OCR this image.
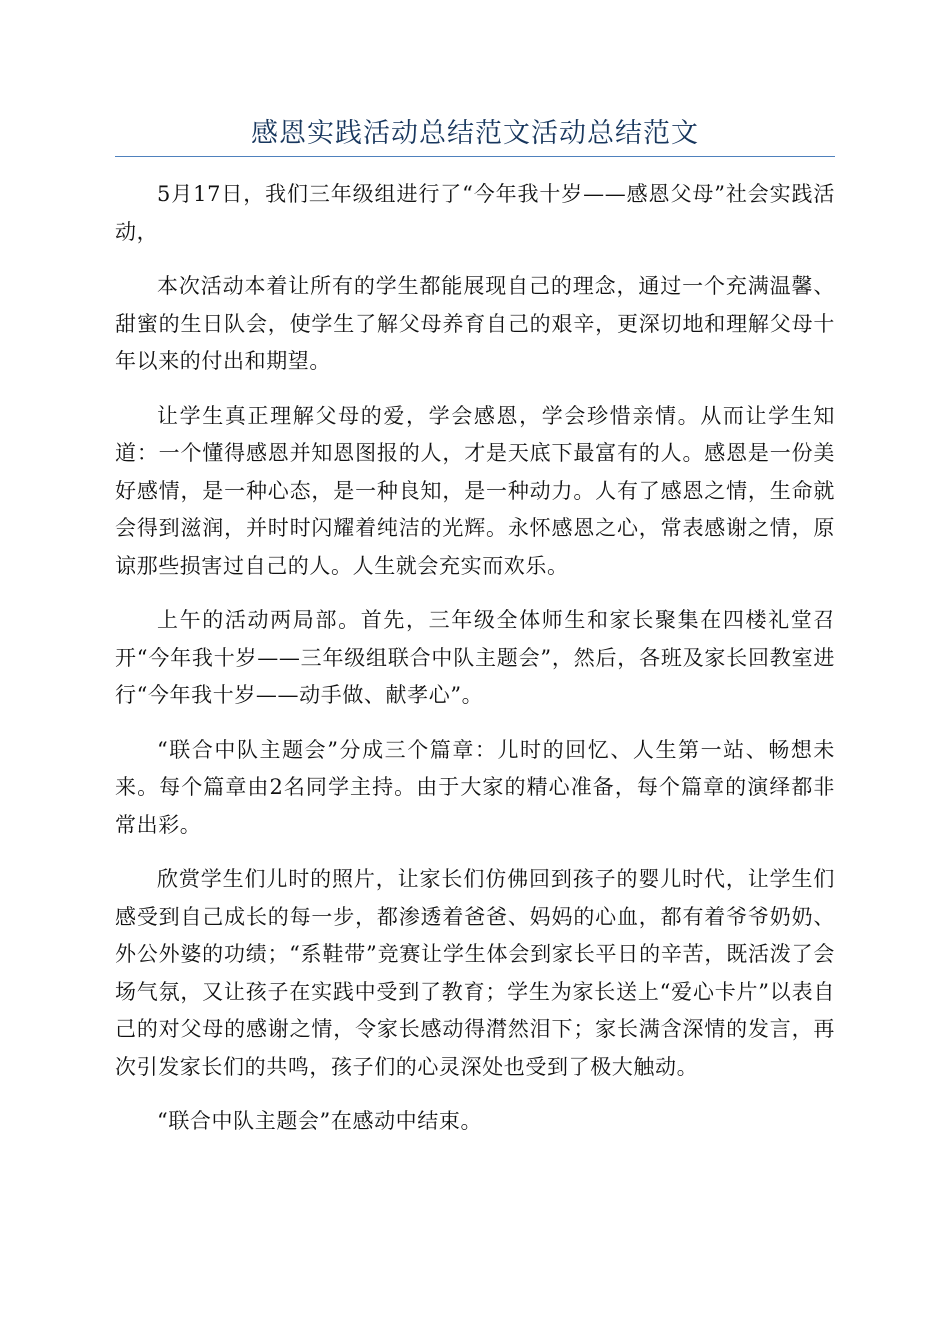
感恩实践活动总结范文活动总结范文

5月17日，我们三年级组进行了“今年我十岁——感恩父母”社会实践活动，

本次活动本着让所有的学生都能展现自己的理念，通过一个充满温馨、甜蜜的生日队会，使学生了解父母养育自己的艰辛，更深切地和理解父母十年以来的付出和期望。

让学生真正理解父母的爱，学会感恩，学会珍惜亲情。从而让学生知道：一个懂得感恩并知恩图报的人，才是天底下最富有的人。感恩是一份美好感情，是一种心态，是一种良知，是一种动力。人有了感恩之情，生命就会得到滋润，并时时闪耀着纯洁的光辉。永怀感恩之心，常表感谢之情，原谅那些损害过自己的人。人生就会充实而欢乐。

上午的活动两局部。首先，三年级全体师生和家长聚集在四楼礼堂召开“今年我十岁——三年级组联合中队主题会”，然后，各班及家长回教室进行“今年我十岁——动手做、献孝心”。

“联合中队主题会”分成三个篇章：儿时的回忆、人生第一站、畅想未来。每个篇章由2名同学主持。由于大家的精心准备，每个篇章的演绎都非常出彩。

欣赏学生们儿时的照片，让家长们仿佛回到孩子的婴儿时代，让学生们感受到自己成长的每一步，都渗透着爸爸、妈妈的心血，都有着爷爷奶奶、外公外婆的功绩；“系鞋带”竞赛让学生体会到家长平日的辛苦，既活泼了会场气氛，又让孩子在实践中受到了教育；学生为家长送上“爱心卡片”以表自己的对父母的感谢之情，令家长感动得潸然泪下；家长满含深情的发言，再次引发家长们的共鸣，孩子们的心灵深处也受到了极大触动。

“联合中队主题会”在感动中结束。
